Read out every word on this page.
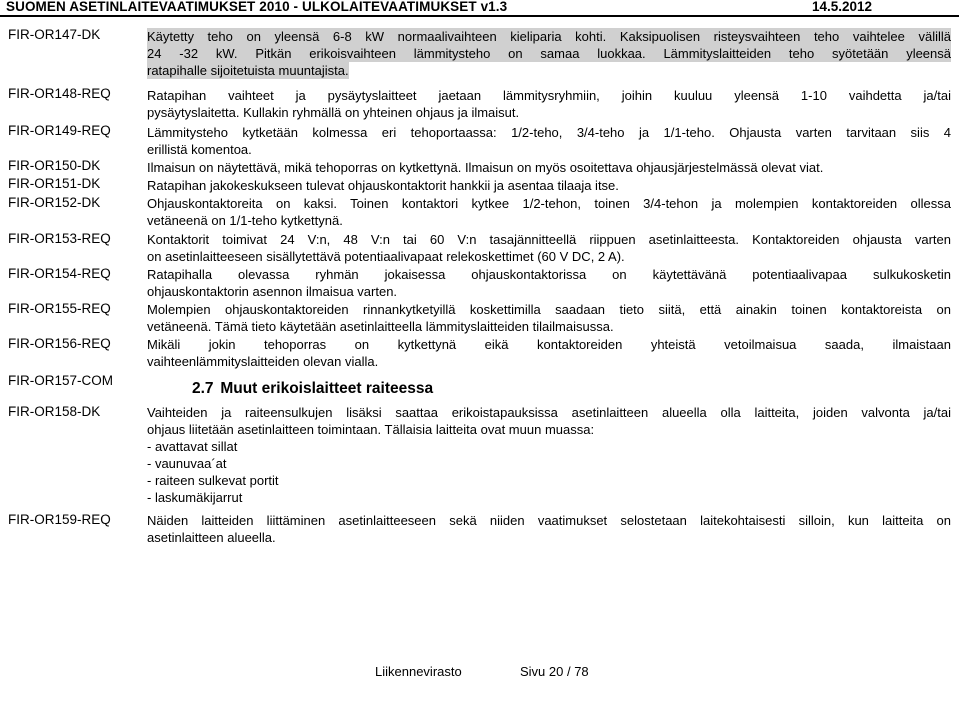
SUOMEN ASETINLAITEVAATIMUKSET 2010 - ULKOLAITEVAATIMUKSET v1.3	14.5.2012
FIR-OR147-DK	Käytetty teho on yleensä 6-8 kW normaalivaihteen kieliparia kohti. Kaksipuolisen risteysvaihteen teho vaihtelee välillä
24 -32 kW. Pitkän erikoisvaihteen lämmitysteho on samaa luokkaa. Lämmityslaitteiden teho syötetään yleensä
ratapihalle sijoitetuista muuntajista.
FIR-OR148-REQ	Ratapihan vaihteet ja pysäytyslaitteet jaetaan lämmitysryhmiin, joihin kuuluu yleensä 1-10 vaihdetta ja/tai
pysäytyslaitetta. Kullakin ryhmällä on yhteinen ohjaus ja ilmaisut.
FIR-OR149-REQ	Lämmitysteho kytketään kolmessa eri tehoportaassa: 1/2-teho, 3/4-teho ja 1/1-teho. Ohjausta varten tarvitaan siis 4
erillistä komentoa.
FIR-OR150-DK	Ilmaisun on näytettävä, mikä tehoporras on kytkettynä. Ilmaisun on myös osoitettava ohjausjärjestelmässä olevat viat.
FIR-OR151-DK	Ratapihan jakokeskukseen tulevat ohjauskontaktorit hankkii ja asentaa tilaaja itse.
FIR-OR152-DK	Ohjauskontaktoreita on kaksi. Toinen kontaktori kytkee 1/2-tehon, toinen 3/4-tehon ja molempien kontaktoreiden ollessa
vetäneenä on 1/1-teho kytkettynä.
FIR-OR153-REQ	Kontaktorit toimivat 24 V:n, 48 V:n tai 60 V:n tasajännitteellä riippuen asetinlaitteesta. Kontaktoreiden ohjausta varten
on asetinlaitteeseen sisällytettävä potentiaalivapaat relekoskettimet (60 V DC, 2 A).
FIR-OR154-REQ	Ratapihalla olevassa ryhmän jokaisessa ohjauskontaktorissa on käytettävänä potentiaalivapaa sulkukosketin
ohjauskontaktorin asennon ilmaisua varten.
FIR-OR155-REQ	Molempien ohjauskontaktoreiden rinnankytketyillä koskettimilla saadaan tieto siitä, että ainakin toinen kontaktoreista on
vetäneenä. Tämä tieto käytetään asetinlaitteella lämmityslaitteiden tilailmaisussa.
FIR-OR156-REQ	Mikäli jokin tehoporras on kytkettynä eikä kontaktoreiden yhteistä vetoilmaisua saada, ilmaistaan
vaihteenlämmityslaitteiden olevan vialla.
FIR-OR157-COM	2.7 Muut erikoislaitteet raiteessa
FIR-OR158-DK	Vaihteiden ja raiteensulkujen lisäksi saattaa erikoistapauksissa asetinlaitteen alueella olla laitteita, joiden valvonta ja/tai
ohjaus liitetään asetinlaitteen toimintaan. Tällaisia laitteita ovat muun muassa:
- avattavat sillat
- vaunuvaa´at
- raiteen sulkevat portit
- laskumäkijarrut
FIR-OR159-REQ	Näiden laitteiden liittäminen asetinlaitteeseen sekä niiden vaatimukset selostetaan laitekohtaisesti silloin, kun laitteita on
asetinlaitteen alueella.
Liikennevirasto	Sivu 20 / 78
